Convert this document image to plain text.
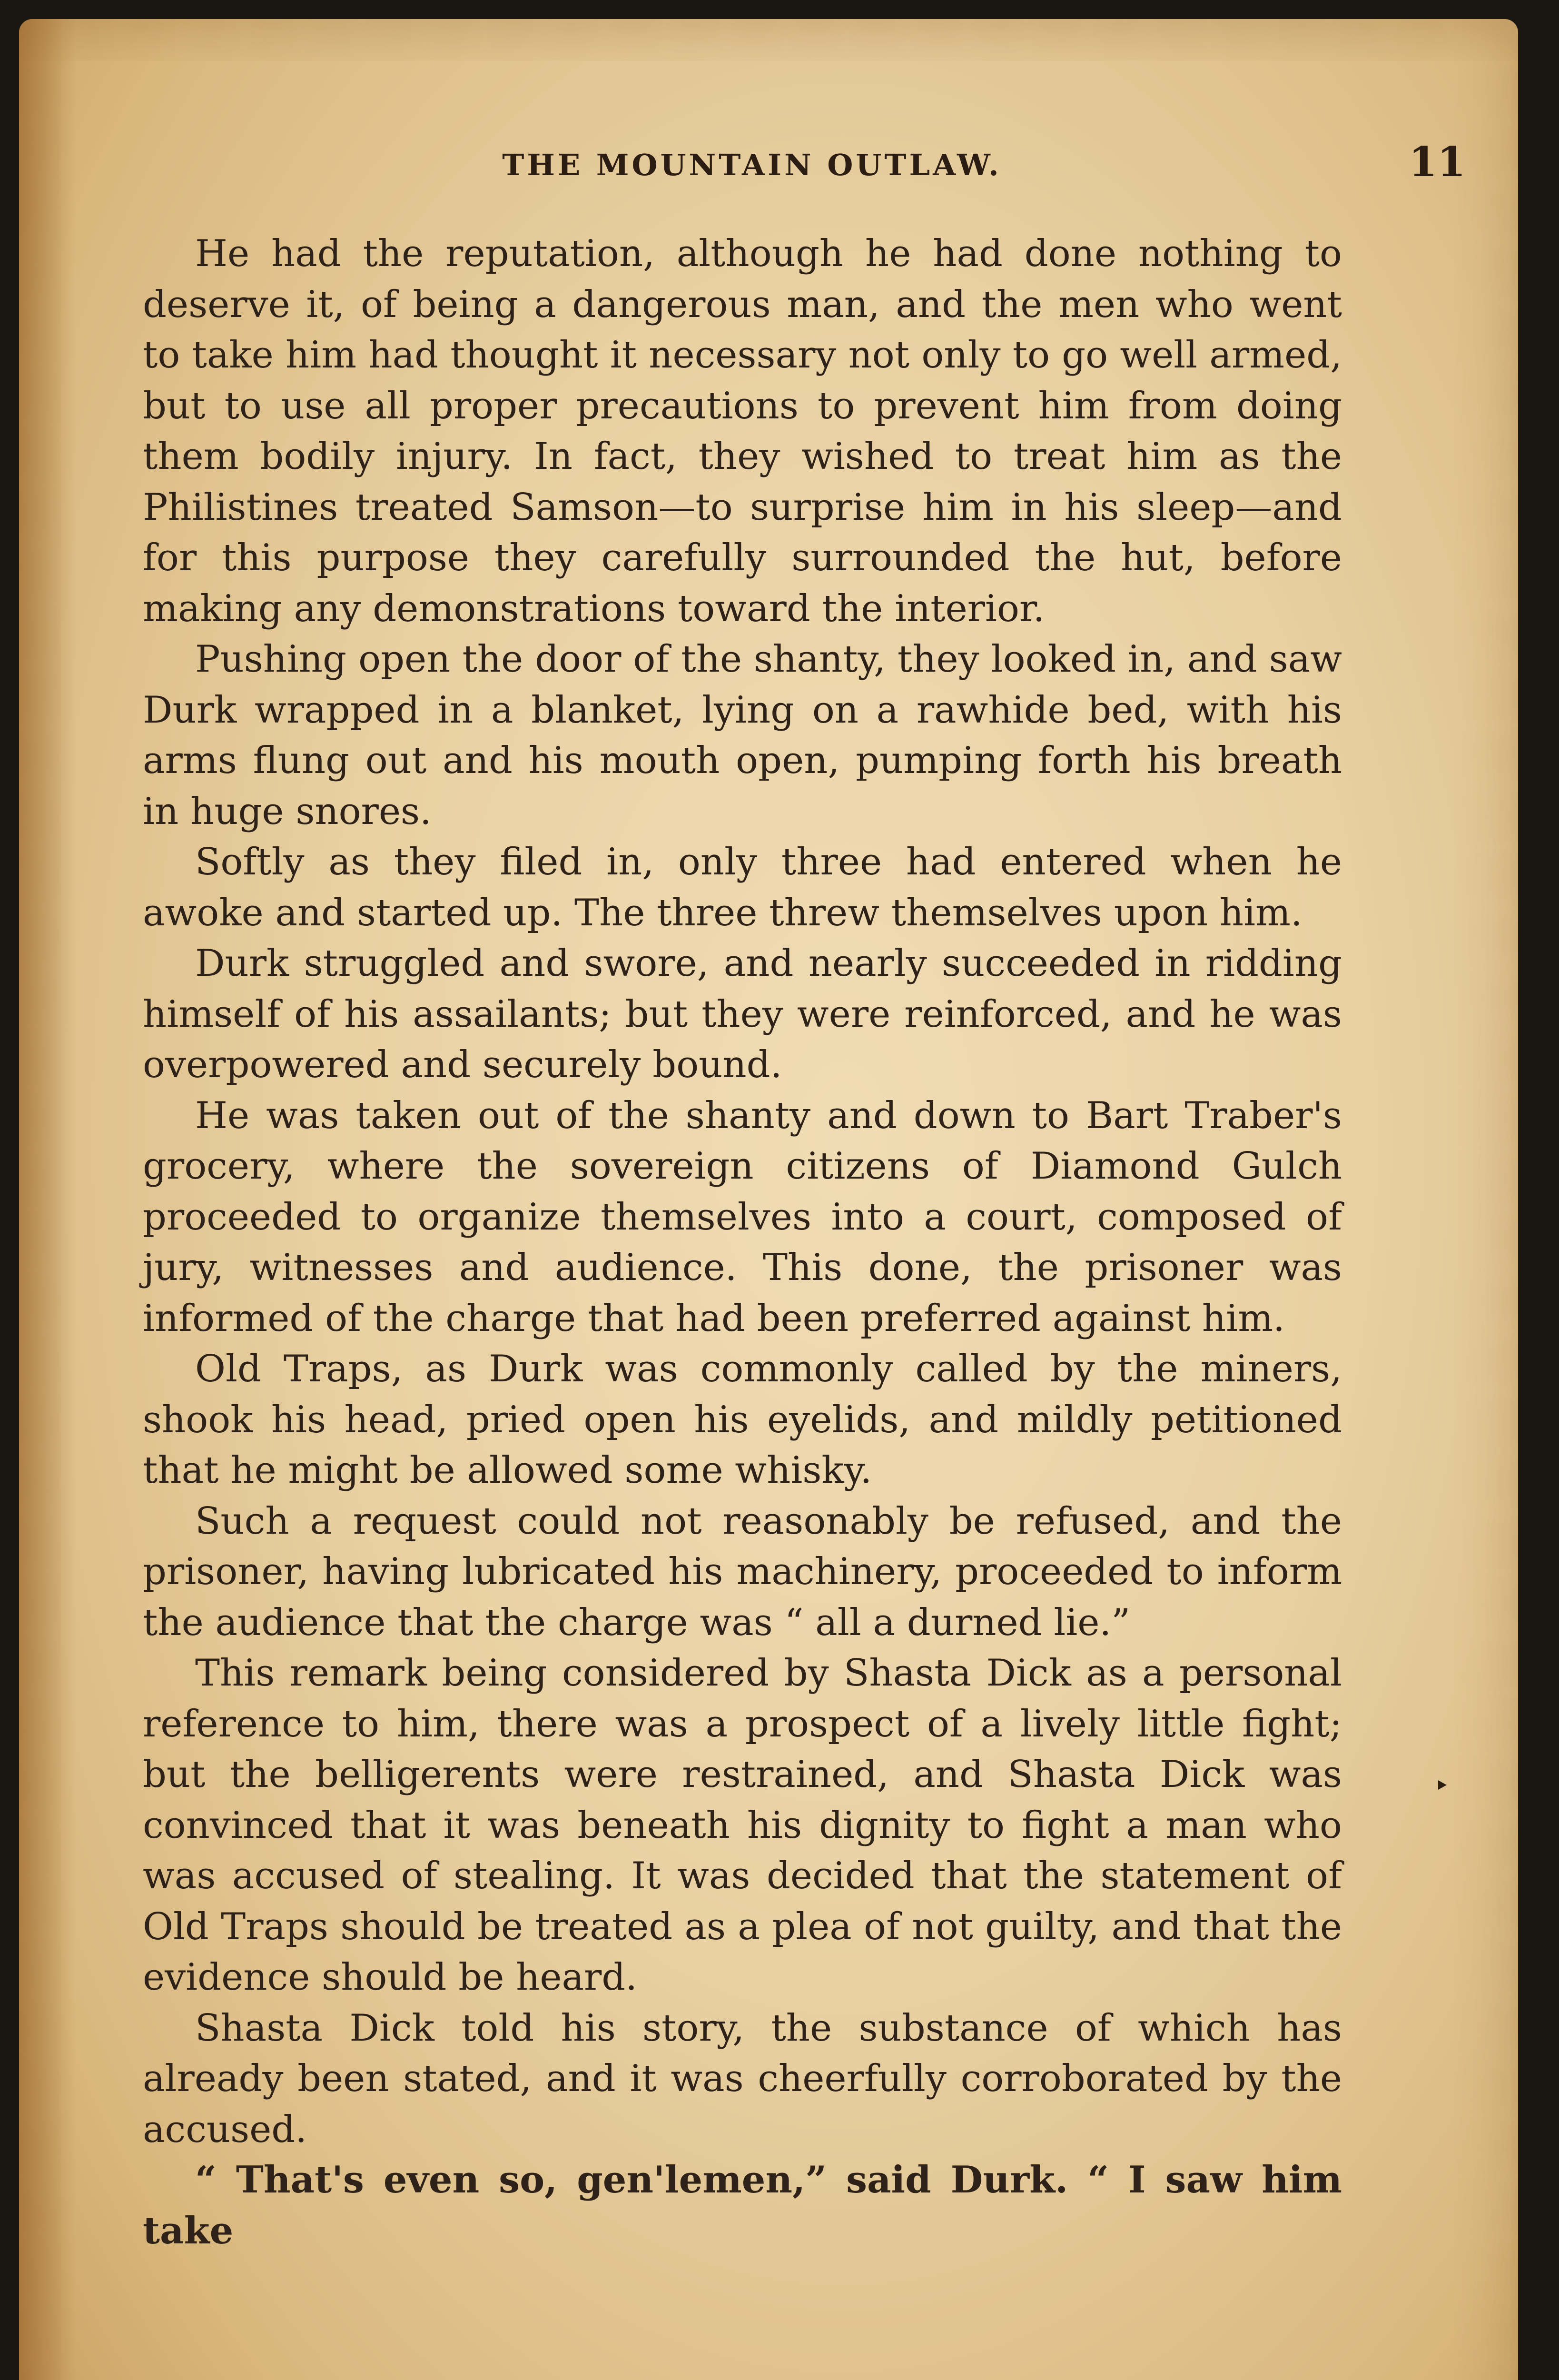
THE MOUNTAIN OUTLAW.	11

He had the reputation, although he had done nothing to deserve it, of being a dangerous man, and the men who went to take him had thought it necessary not only to go well armed, but to use all proper precautions to prevent him from doing them bodily injury. In fact, they wished to treat him as the Philistines treated Samson—to surprise him in his sleep—and for this purpose they carefully surrounded the hut, before making any demonstrations toward the interior.

Pushing open the door of the shanty, they looked in, and saw Durk wrapped in a blanket, lying on a rawhide bed, with his arms flung out and his mouth open, pumping forth his breath in huge snores.

Softly as they filed in, only three had entered when he awoke and started up. The three threw themselves upon him.

Durk struggled and swore, and nearly succeeded in ridding himself of his assailants; but they were reinforced, and he was overpowered and securely bound.

He was taken out of the shanty and down to Bart Traber's grocery, where the sovereign citizens of Diamond Gulch proceeded to organize themselves into a court, composed of jury, witnesses and audience. This done, the prisoner was informed of the charge that had been preferred against him.

Old Traps, as Durk was commonly called by the miners, shook his head, pried open his eyelids, and mildly petitioned that he might be allowed some whisky.

Such a request could not reasonably be refused, and the prisoner, having lubricated his machinery, proceeded to inform the audience that the charge was “ all a durned lie.”

This remark being considered by Shasta Dick as a personal reference to him, there was a prospect of a lively little fight; but the belligerents were restrained, and Shasta Dick was convinced that it was beneath his dignity to fight a man who was accused of stealing. It was decided that the statement of Old Traps should be treated as a plea of not guilty, and that the evidence should be heard.

Shasta Dick told his story, the substance of which has already been stated, and it was cheerfully corroborated by the accused.

“ That's even so, gen'lemen,” said Durk. “ I saw him take
